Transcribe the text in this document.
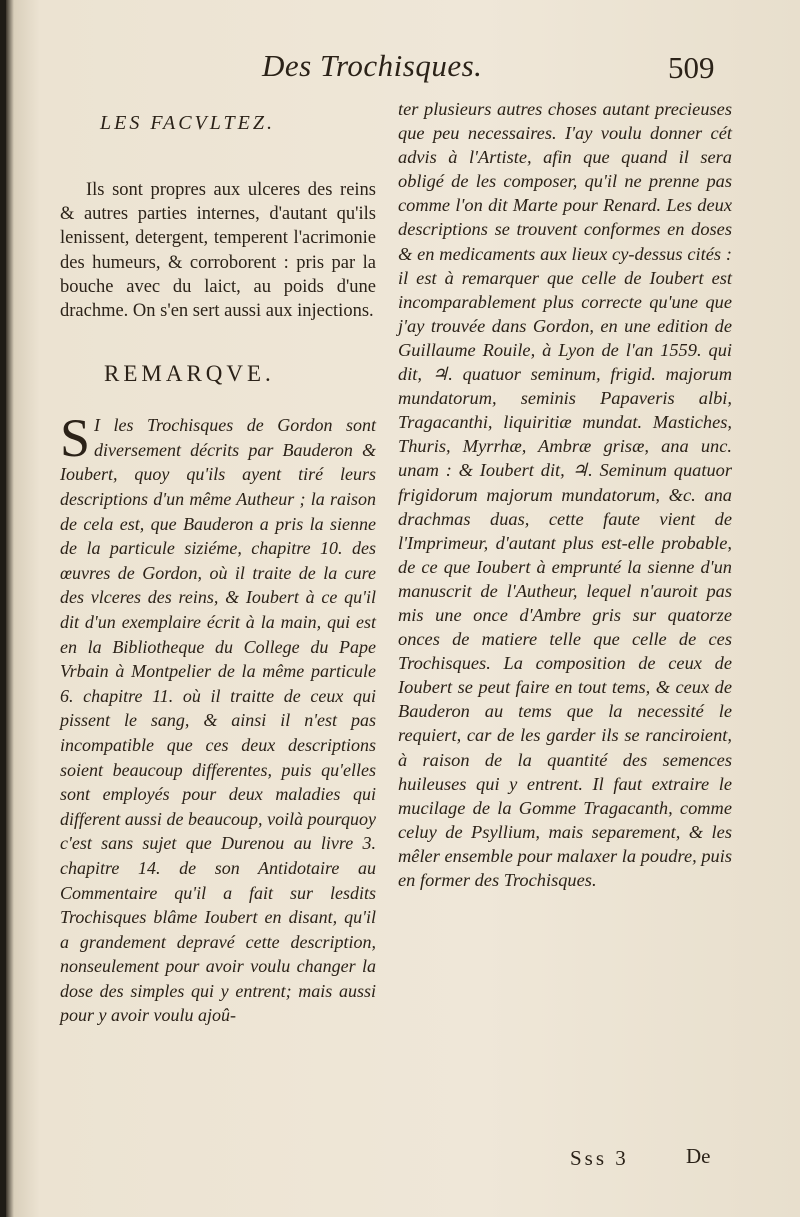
Des Trochisques.	509
LES FACVLTEZ.

Ils sont propres aux ulceres des reins & autres parties internes, d'autant qu'ils lenissent, detergent, temperent l'acrimonie des humeurs, & corroborent : pris par la bouche avec du laict, au poids d'une drachme. On s'en sert aussi aux injections.

REMARQVE.

S I les Trochisques de Gordon sont diversement décrits par Bauderon & Ioubert, quoy qu'ils ayent tiré leurs descriptions d'un même Autheur ; la raison de cela est, que Bauderon a pris la sienne de la particule siziéme, chapitre 10. des œuvres de Gordon, où il traite de la cure des vlceres des reins, & Ioubert à ce qu'il dit d'un exemplaire écrit à la main, qui est en la Bibliotheque du College du Pape Vrbain à Montpelier de la même particule 6. chapitre 11. où il traitte de ceux qui pissent le sang, & ainsi il n'est pas incompatible que ces deux descriptions soient beaucoup differentes, puis qu'elles sont employés pour deux maladies qui different aussi de beaucoup, voilà pourquoy c'est sans sujet que Durenou au livre 3. chapitre 14. de son Antidotaire au Commentaire qu'il a fait sur lesdits Trochisques blâme Ioubert en disant, qu'il a grandement depravé cette description, nonseulement pour avoir voulu changer la dose des simples qui y entrent; mais aussi pour y avoir voulu ajoû-

ter plusieurs autres choses autant precieuses que peu necessaires. I'ay voulu donner cét advis à l'Artiste, afin que quand il sera obligé de les composer, qu'il ne prenne pas comme l'on dit Marte pour Renard. Les deux descriptions se trouvent conformes en doses & en medicaments aux lieux cy-dessus cités : il est à remarquer que celle de Ioubert est incomparablement plus correcte qu'une que j'ay trouvée dans Gordon, en une edition de Guillaume Rouile, à Lyon de l'an 1559. qui dit, ♃. quatuor seminum, frigid. majorum mundatorum, seminis Papaveris albi, Tragacanthi, liquiritiæ mundat. Mastiches, Thuris, Myrrhæ, Ambræ grisæ, ana unc. unam : & Ioubert dit, ♃. Seminum quatuor frigidorum majorum mundatorum, &c. ana drachmas duas, cette faute vient de l'Imprimeur, d'autant plus est-elle probable, de ce que Ioubert à emprunté la sienne d'un manuscrit de l'Autheur, lequel n'auroit pas mis une once d'Ambre gris sur quatorze onces de matiere telle que celle de ces Trochisques. La composition de ceux de Ioubert se peut faire en tout tems, & ceux de Bauderon au tems que la necessité le requiert, car de les garder ils se ranciroient, à raison de la quantité des semences huileuses qui y entrent. Il faut extraire le mucilage de la Gomme Tragacanth, comme celuy de Psyllium, mais separement, & les mêler ensemble pour malaxer la poudre, puis en former des Trochisques.

Sss 3	De
